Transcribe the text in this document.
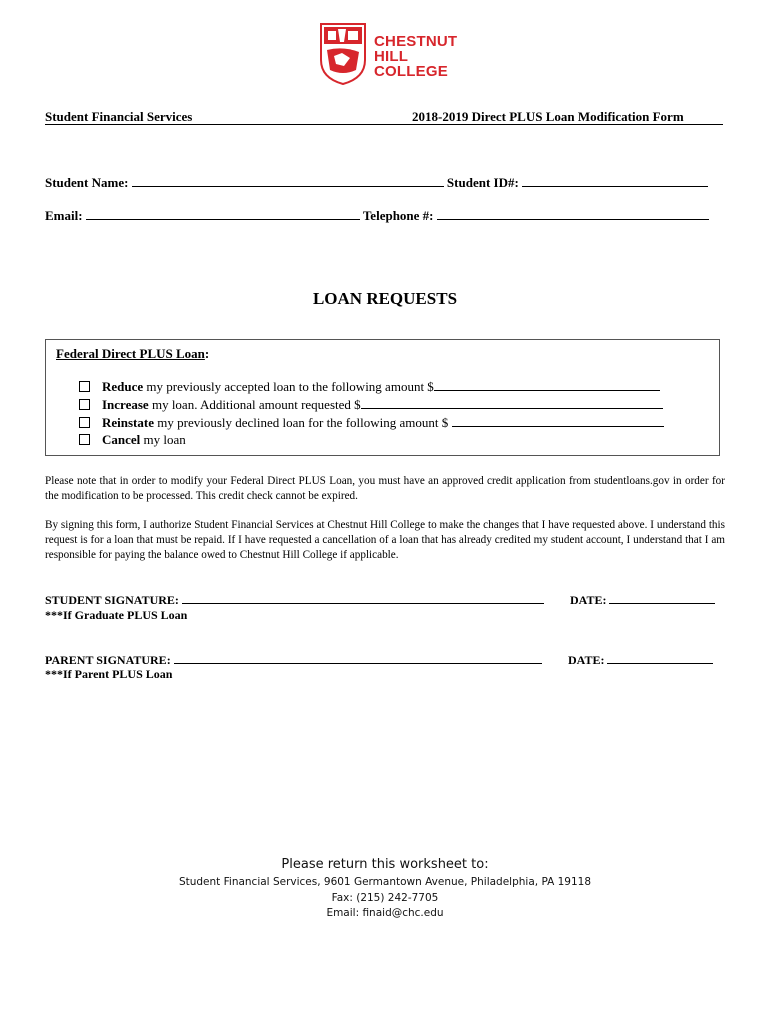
CHESTNUT
HILL
COLLEGE
Student Financial Services	2018-2019 Direct PLUS Loan Modification Form
Student Name:	Student ID#:
Email:	Telephone #:
LOAN REQUESTS
Federal Direct PLUS Loan:
Reduce my previously accepted loan to the following amount $
Increase my loan. Additional amount requested $
Reinstate my previously declined loan for the following amount $
Cancel my loan
Please note that in order to modify your Federal Direct PLUS Loan, you must have an approved credit application from studentloans.gov in order for the modification to be processed. This credit check cannot be expired.
By signing this form, I authorize Student Financial Services at Chestnut Hill College to make the changes that I have requested above. I understand this request is for a loan that must be repaid. If I have requested a cancellation of a loan that has already credited my student account, I understand that I am responsible for paying the balance owed to Chestnut Hill College if applicable.
STUDENT SIGNATURE:	DATE:
***If Graduate PLUS Loan
PARENT SIGNATURE:	DATE:
***If Parent PLUS Loan
Please return this worksheet to:
Student Financial Services, 9601 Germantown Avenue, Philadelphia, PA 19118
Fax: (215) 242-7705
Email: finaid@chc.edu
